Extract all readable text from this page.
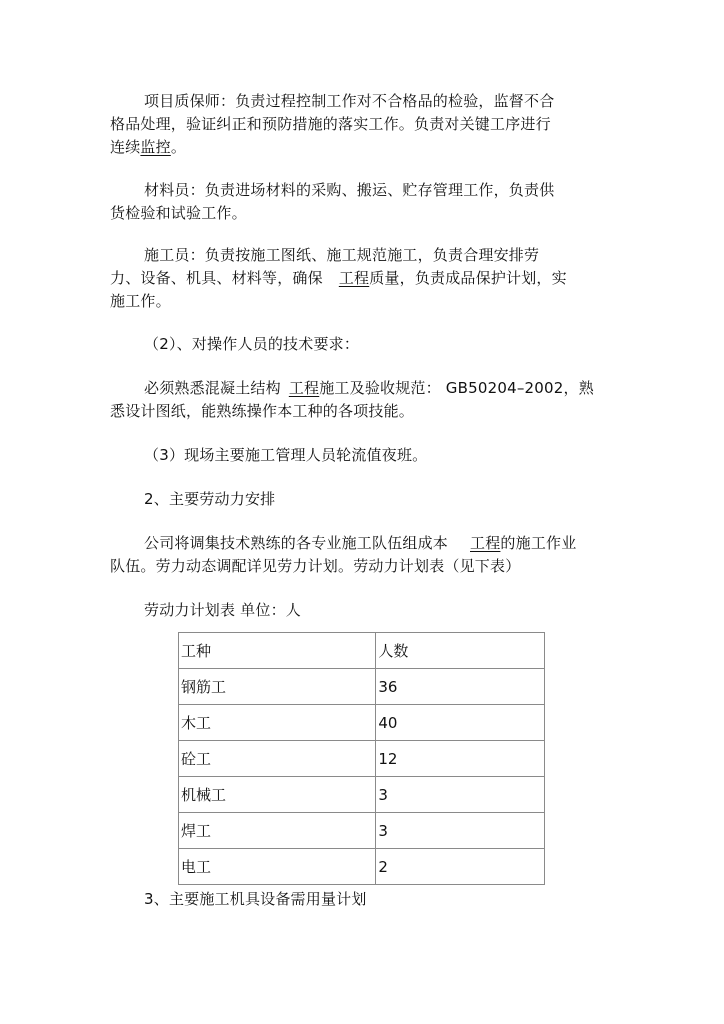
项目质保师：负责过程控制工作对不合格品的检验，监督不合
格品处理，验证纠正和预防措施的落实工作。负责对关键工序进行
连续监控。
材料员：负责进场材料的采购、搬运、贮存管理工作，负责供
货检验和试验工作。
施工员：负责按施工图纸、施工规范施工，负责合理安排劳
力、设备、机具、材料等，确保 工程质量，负责成品保护计划，实
施工作。
（2）、对操作人员的技术要求：
必须熟悉混凝土结构 工程施工及验收规范： GB50204–2002，熟
悉设计图纸，能熟练操作本工种的各项技能。
（3）现场主要施工管理人员轮流值夜班。
2、主要劳动力安排
公司将调集技术熟练的各专业施工队伍组成本 工程的施工作业
队伍。劳力动态调配详见劳力计划。劳动力计划表（见下表）
劳动力计划表 单位：人
工种	人数
钢筋工	36
木工	40
砼工	12
机械工	3
焊工	3
电工	2
3、主要施工机具设备需用量计划
